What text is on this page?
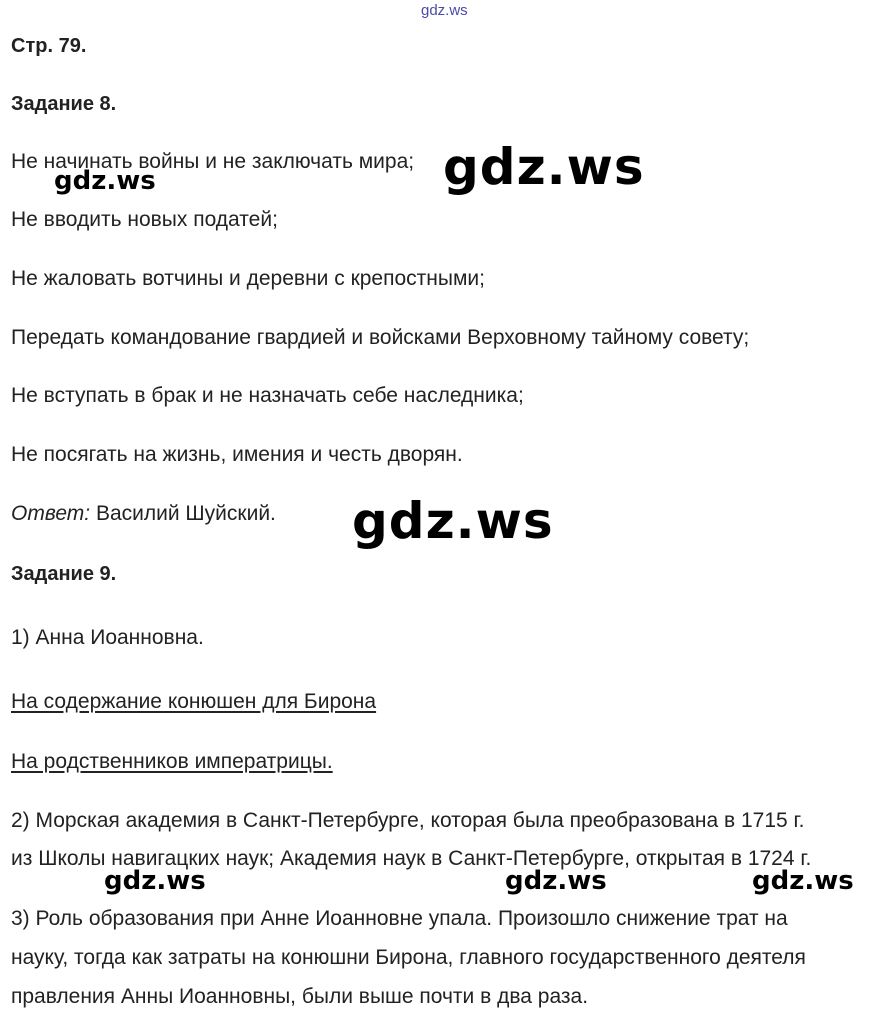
gdz.ws
Стр. 79.
Задание 8.
Не начинать войны и не заключать мира;
Не вводить новых податей;
Не жаловать вотчины и деревни с крепостными;
Передать командование гвардией и войсками Верховному тайному совету;
Не вступать в брак и не назначать себе наследника;
Не посягать на жизнь, имения и честь дворян.
Ответ: Василий Шуйский.
Задание 9.
1) Анна Иоанновна.
На содержание конюшен для Бирона
На родственников императрицы.
2) Морская академия в Санкт-Петербурге, которая была преобразована в 1715 г.
из Школы навигацких наук; Академия наук в Санкт-Петербурге, открытая в 1724 г.
3) Роль образования при Анне Иоанновне упала. Произошло снижение трат на
науку, тогда как затраты на конюшни Бирона, главного государственного деятеля
правления Анны Иоанновны, были выше почти в два раза.
gdz.ws
gdz.ws
gdz.ws
gdz.ws	gdz.ws	gdz.ws
